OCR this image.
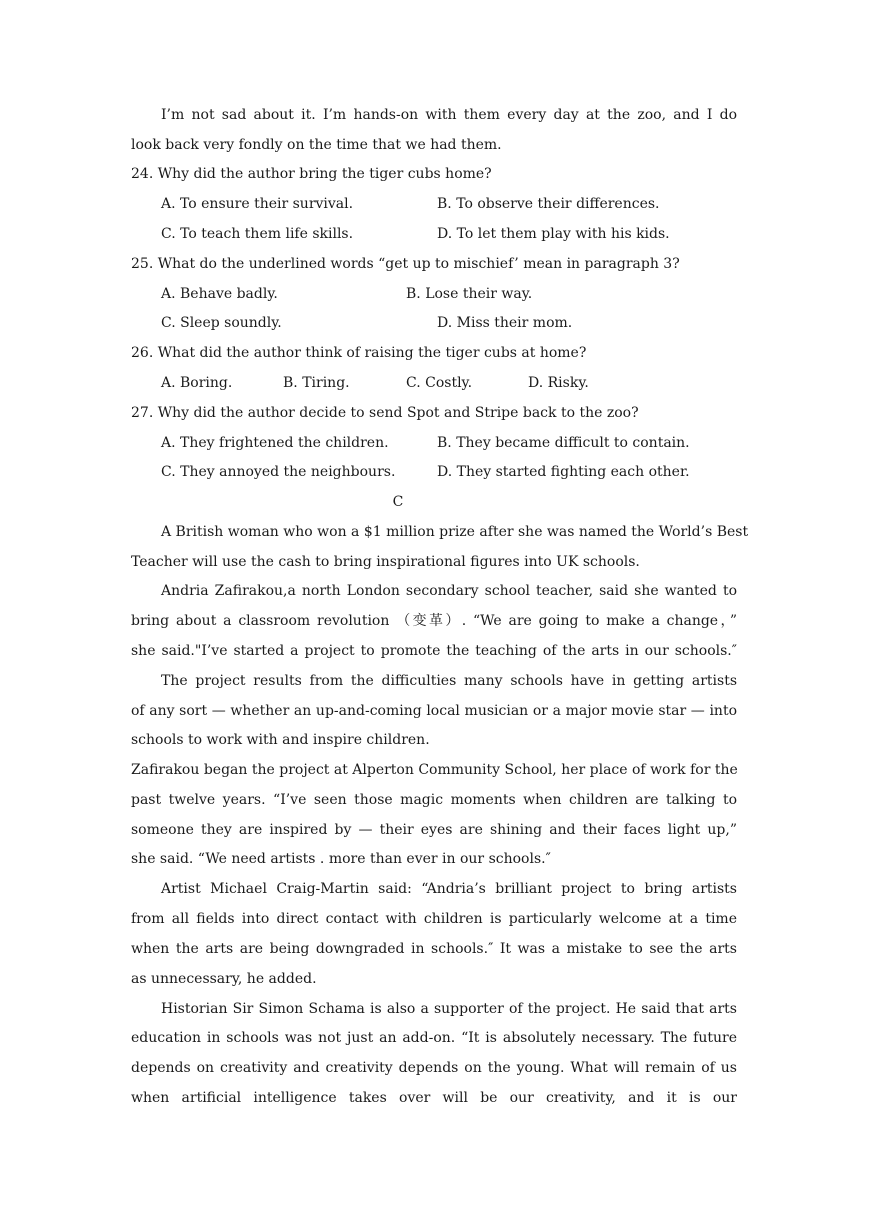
I’m not sad about it. I’m hands-on with them every day at the zoo, and I do
look back very fondly on the time that we had them.
24. Why did the author bring the tiger cubs home?
A. To ensure their survival.	B. To observe their differences.
C. To teach them life skills.	D. To let them play with his kids.
25. What do the underlined words “get up to mischief’ mean in paragraph 3?
A. Behave badly.	B. Lose their way.
C. Sleep soundly.	D. Miss their mom.
26. What did the author think of raising the tiger cubs at home?
A. Boring.	B. Tiring.	C. Costly.	D. Risky.
27. Why did the author decide to send Spot and Stripe back to the zoo?
A. They frightened the children.	B. They became difficult to contain.
C. They annoyed the neighbours.	D. They started fighting each other.
C
A British woman who won a $1 million prize after she was named the World’s Best
Teacher will use the cash to bring inspirational figures into UK schools.
Andria Zafirakou,a north London secondary school teacher, said she wanted to
bring about a classroom revolution （变革）. “We are going to make a change，”
she said."I’ve started a project to promote the teaching of the arts in our schools.″
The project results from the difficulties many schools have in getting artists
of any sort — whether an up-and-coming local musician or a major movie star — into
schools to work with and inspire children.
Zafirakou began the project at Alperton Community School, her place of work for the
past twelve years. “I’ve seen those magic moments when children are talking to
someone they are inspired by — their eyes are shining and their faces light up,”
she said. “We need artists . more than ever in our schools.″
Artist Michael Craig-Martin said: “Andria’s brilliant project to bring artists
from all fields into direct contact with children is particularly welcome at a time
when the arts are being downgraded in schools.″ It was a mistake to see the arts
as unnecessary, he added.
Historian Sir Simon Schama is also a supporter of the project. He said that arts
education in schools was not just an add-on. “It is absolutely necessary. The future
depends on creativity and creativity depends on the young. What will remain of us
when artificial intelligence takes over will be our creativity, and it is our
